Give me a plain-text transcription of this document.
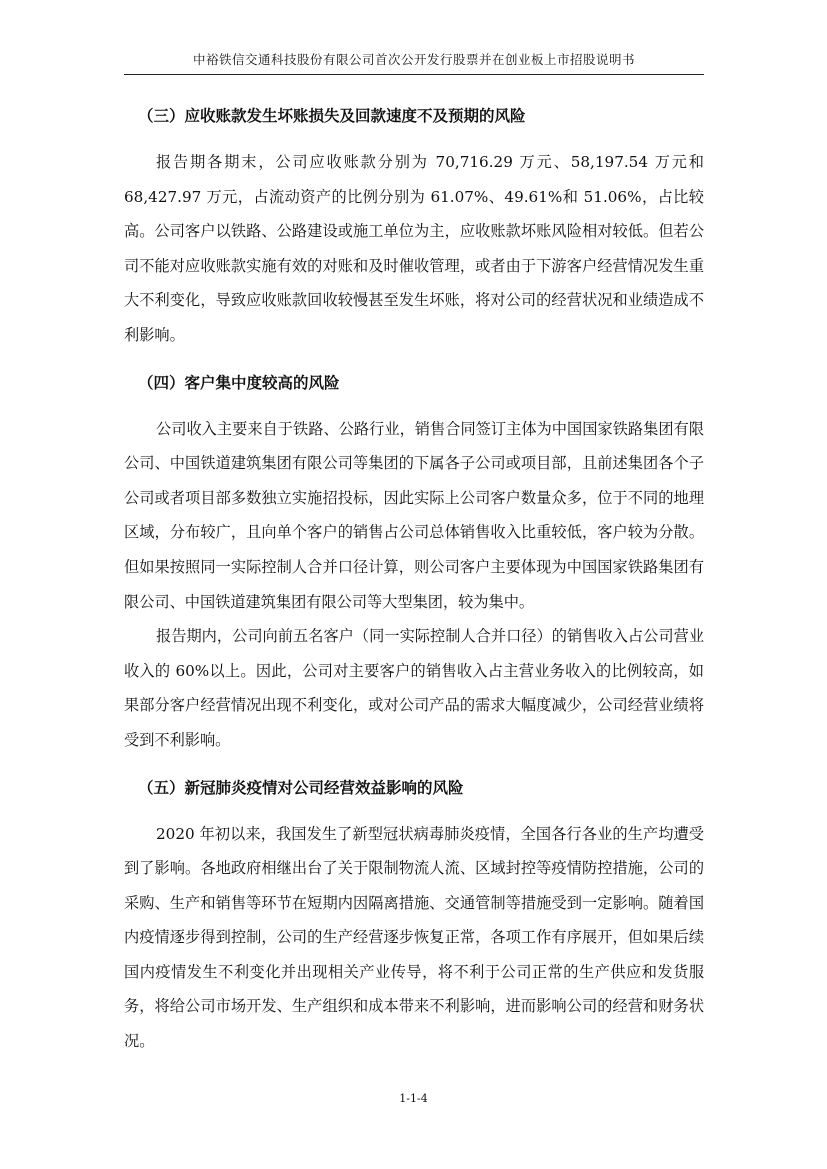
中裕铁信交通科技股份有限公司首次公开发行股票并在创业板上市招股说明书
（三）应收账款发生坏账损失及回款速度不及预期的风险

报告期各期末，公司应收账款分别为 70,716.29 万元、58,197.54 万元和 68,427.97 万元，占流动资产的比例分别为 61.07%、49.61%和 51.06%，占比较高。公司客户以铁路、公路建设或施工单位为主，应收账款坏账风险相对较低。但若公司不能对应收账款实施有效的对账和及时催收管理，或者由于下游客户经营情况发生重大不利变化，导致应收账款回收较慢甚至发生坏账，将对公司的经营状况和业绩造成不利影响。

（四）客户集中度较高的风险

公司收入主要来自于铁路、公路行业，销售合同签订主体为中国国家铁路集团有限公司、中国铁道建筑集团有限公司等集团的下属各子公司或项目部，且前述集团各个子公司或者项目部多数独立实施招投标，因此实际上公司客户数量众多，位于不同的地理区域，分布较广，且向单个客户的销售占公司总体销售收入比重较低，客户较为分散。但如果按照同一实际控制人合并口径计算，则公司客户主要体现为中国国家铁路集团有限公司、中国铁道建筑集团有限公司等大型集团，较为集中。

报告期内，公司向前五名客户（同一实际控制人合并口径）的销售收入占公司营业收入的 60%以上。因此，公司对主要客户的销售收入占主营业务收入的比例较高，如果部分客户经营情况出现不利变化，或对公司产品的需求大幅度减少，公司经营业绩将受到不利影响。

（五）新冠肺炎疫情对公司经营效益影响的风险

2020 年初以来，我国发生了新型冠状病毒肺炎疫情，全国各行各业的生产均遭受到了影响。各地政府相继出台了关于限制物流人流、区域封控等疫情防控措施，公司的采购、生产和销售等环节在短期内因隔离措施、交通管制等措施受到一定影响。随着国内疫情逐步得到控制，公司的生产经营逐步恢复正常，各项工作有序展开，但如果后续国内疫情发生不利变化并出现相关产业传导，将不利于公司正常的生产供应和发货服务，将给公司市场开发、生产组织和成本带来不利影响，进而影响公司的经营和财务状况。

1-1-4
